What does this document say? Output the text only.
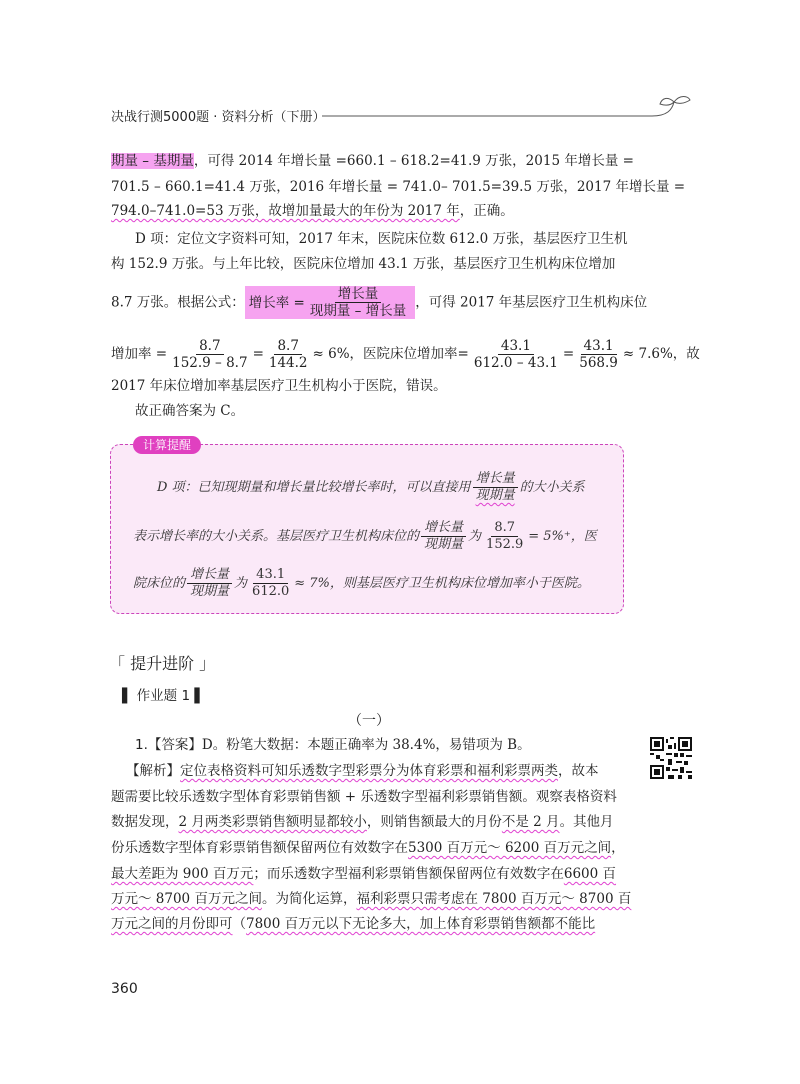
决战行测5000题 · 资料分析（下册）
期量 – 基期量，可得 2014 年增长量 =660.1 – 618.2=41.9 万张，2015 年增长量 =
701.5 – 660.1=41.4 万张，2016 年增长量 = 741.0– 701.5=39.5 万张，2017 年增长量 =
794.0–741.0=53 万张，故增加量最大的年份为 2017 年，正确。
D 项：定位文字资料可知，2017 年末，医院床位数 612.0 万张，基层医疗卫生机
构 152.9 万张。与上年比较，医院床位增加 43.1 万张，基层医疗卫生机构床位增加
8.7 万张。根据公式： 增长率 = $\frac{\text{增长量}}{\text{现期量 – 增长量}}$ ，可得 2017 年基层医疗卫生机构床位
增加率 = $\frac{8.7}{152.9 - 8.7} = \frac{8.7}{144.2} \approx 6\%$，医院床位增加率= $\frac{43.1}{612.0 - 43.1} = \frac{43.1}{568.9} \approx 7.6\%$，故
2017 年床位增加率基层医疗卫生机构小于医院，错误。
故正确答案为 C。
计算提醒
D 项：已知现期量和增长量比较增长率时，可以直接用 $\frac{\text{增长量}}{\text{现期量}}$ 的大小关系
表示增长率的大小关系。基层医疗卫生机构床位的 $\frac{\text{增长量}}{\text{现期量}}$ 为 $\frac{8.7}{152.9} = 5\%^+$，医
院床位的 $\frac{\text{增长量}}{\text{现期量}}$ 为 $\frac{43.1}{612.0} \approx 7\%$，则基层医疗卫生机构床位增加率小于医院。
「 提升进阶 」
▌ 作业题 1 ▌
（一）
1.【答案】D。粉笔大数据：本题正确率为 38.4%，易错项为 B。
【解析】定位表格资料可知乐透数字型彩票分为体育彩票和福利彩票两类，故本
题需要比较乐透数字型体育彩票销售额 + 乐透数字型福利彩票销售额。观察表格资料
数据发现，2 月两类彩票销售额明显都较小，则销售额最大的月份不是 2 月。其他月
份乐透数字型体育彩票销售额保留两位有效数字在5300 百万元～ 6200 百万元之间，
最大差距为 900 百万元；而乐透数字型福利彩票销售额保留两位有效数字在6600 百
万元～ 8700 百万元之间。为简化运算，福利彩票只需考虑在 7800 百万元～ 8700 百
万元之间的月份即可（7800 百万元以下无论多大，加上体育彩票销售额都不能比
360
